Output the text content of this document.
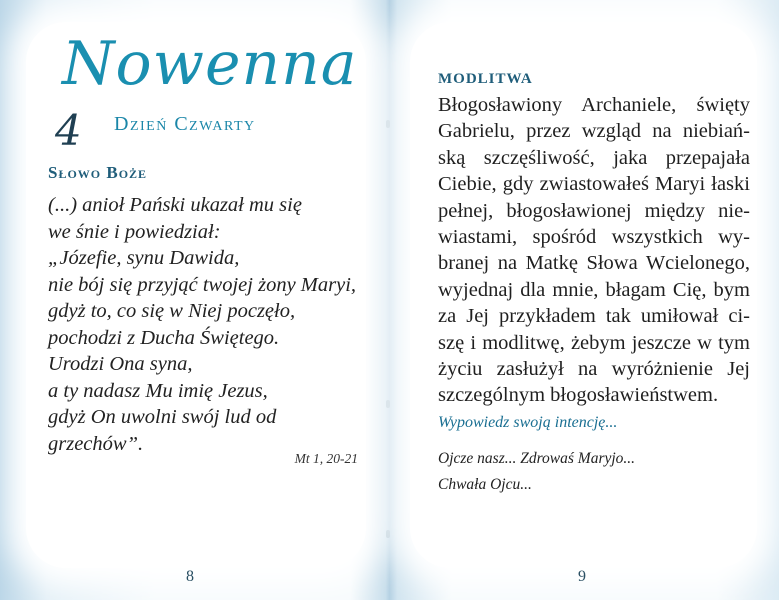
Nowenna
4 Dzień Czwarty
Słowo Boże
(...) anioł Pański ukazał mu się
we śnie i powiedział:
„Józefie, synu Dawida,
nie bój się przyjąć twojej żony Maryi,
gdyż to, co się w Niej poczęło,
pochodzi z Ducha Świętego.
Urodzi Ona syna,
a ty nadasz Mu imię Jezus,
gdyż On uwolni swój lud od
grzechów”.
Mt 1, 20-21
8
MODLITWA
Błogosławiony Archaniele, święty
Gabrielu, przez wzgląd na niebiań-
ską szczęśliwość, jaka przepajała
Ciebie, gdy zwiastowałeś Maryi łaski
pełnej, błogosławionej między nie-
wiastami, spośród wszystkich wy-
branej na Matkę Słowa Wcielonego,
wyjednaj dla mnie, błagam Cię, bym
za Jej przykładem tak umiłował ci-
szę i modlitwę, żebym jeszcze w tym
życiu zasłużył na wyróżnienie Jej
szczególnym błogosławieństwem.
Wypowiedz swoją intencję...
Ojcze nasz... Zdrowaś Maryjo...
Chwała Ojcu...
9
